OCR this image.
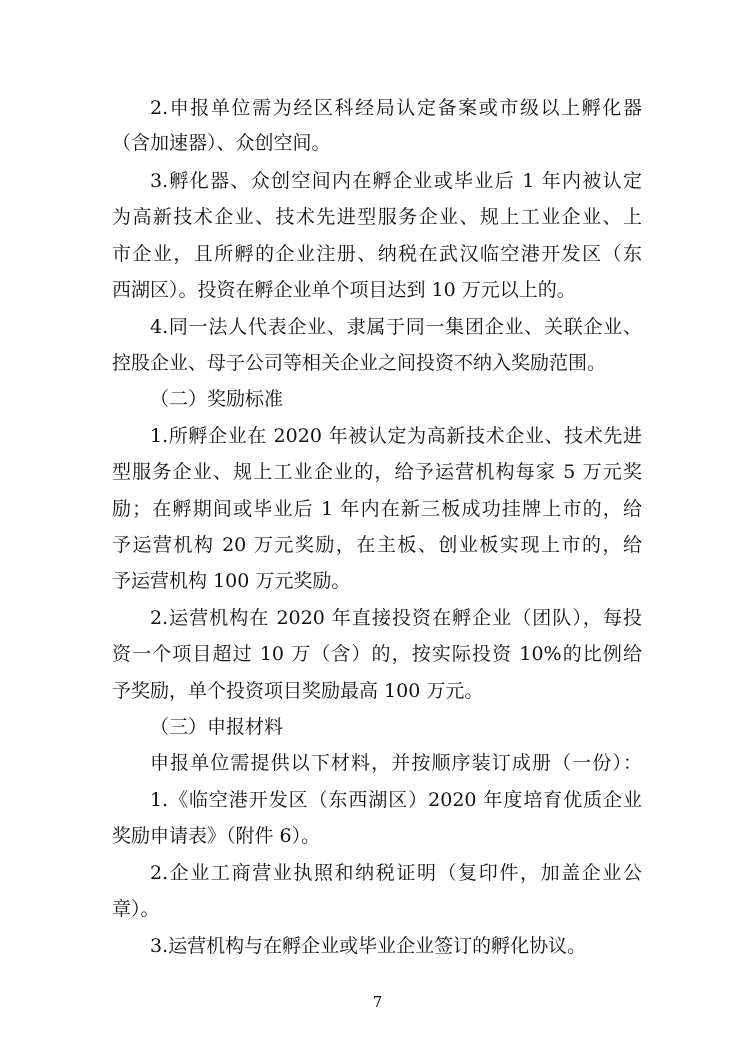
2.申报单位需为经区科经局认定备案或市级以上孵化器
（含加速器）、众创空间。
3.孵化器、众创空间内在孵企业或毕业后 1 年内被认定
为高新技术企业、技术先进型服务企业、规上工业企业、上
市企业，且所孵的企业注册、纳税在武汉临空港开发区（东
西湖区）。投资在孵企业单个项目达到 10 万元以上的。
4.同一法人代表企业、隶属于同一集团企业、关联企业、
控股企业、母子公司等相关企业之间投资不纳入奖励范围。
（二）奖励标准
1.所孵企业在 2020 年被认定为高新技术企业、技术先进
型服务企业、规上工业企业的，给予运营机构每家 5 万元奖
励；在孵期间或毕业后 1 年内在新三板成功挂牌上市的，给
予运营机构 20 万元奖励，在主板、创业板实现上市的，给
予运营机构 100 万元奖励。
2.运营机构在 2020 年直接投资在孵企业（团队），每投
资一个项目超过 10 万（含）的，按实际投资 10%的比例给
予奖励，单个投资项目奖励最高 100 万元。
（三）申报材料
申报单位需提供以下材料，并按顺序装订成册（一份）：
1.《临空港开发区（东西湖区）2020 年度培育优质企业
奖励申请表》（附件 6）。
2.企业工商营业执照和纳税证明（复印件，加盖企业公
章）。
3.运营机构与在孵企业或毕业企业签订的孵化协议。
7
